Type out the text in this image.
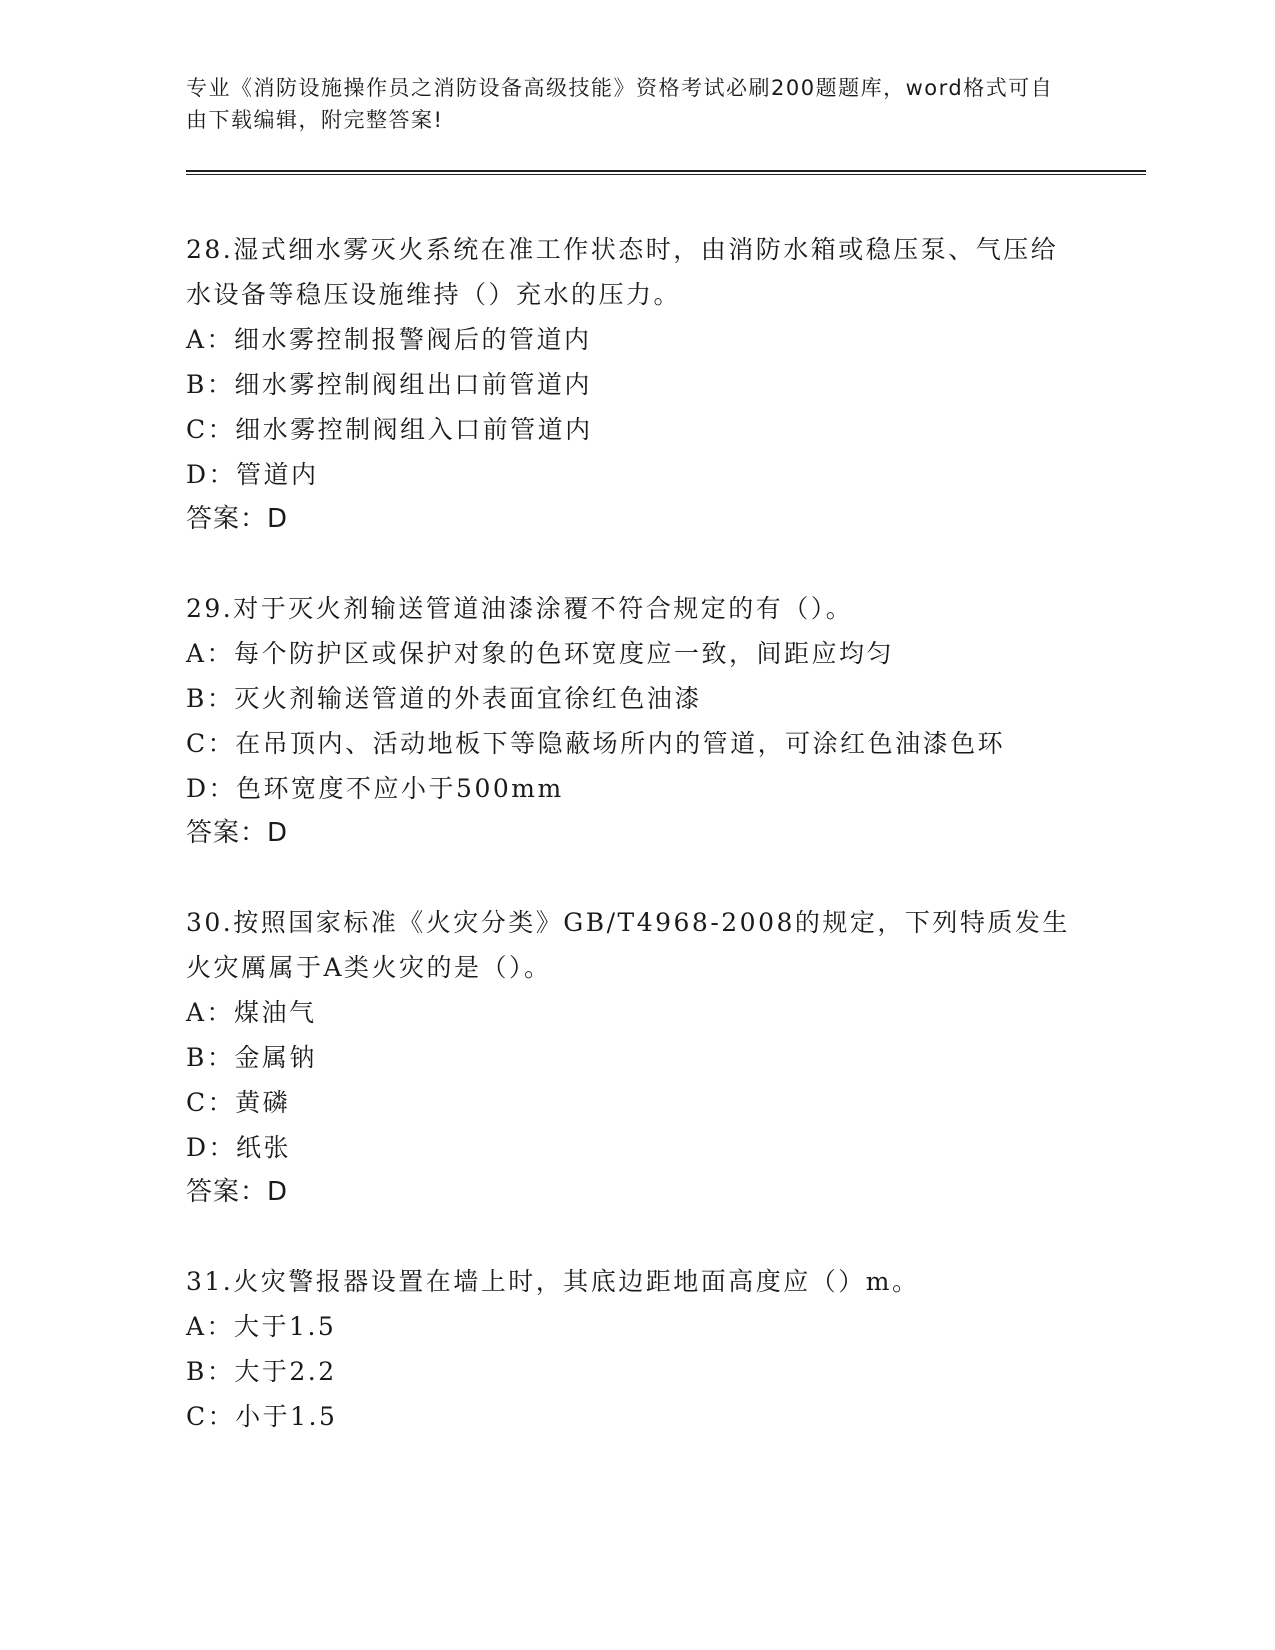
专业《消防设施操作员之消防设备高级技能》资格考试必刷200题题库，word格式可自由下载编辑，附完整答案!
28.湿式细水雾灭火系统在准工作状态时，由消防水箱或稳压泵、气压给水设备等稳压设施维持（）充水的压力。
A：细水雾控制报警阀后的管道内
B：细水雾控制阀组出口前管道内
C：细水雾控制阀组入口前管道内
D：管道内
答案：D
29.对于灭火剂输送管道油漆涂覆不符合规定的有（）。
A：每个防护区或保护对象的色环宽度应一致，间距应均匀
B：灭火剂输送管道的外表面宜徐红色油漆
C：在吊顶内、活动地板下等隐蔽场所内的管道，可涂红色油漆色环
D：色环宽度不应小于500mm
答案：D
30.按照国家标准《火灾分类》GB/T4968-2008的规定，下列特质发生火灾厲属于A类火灾的是（）。
A：煤油气
B：金属钠
C：黄磷
D：纸张
答案：D
31.火灾警报器设置在墙上时，其底边距地面高度应（）m。
A：大于1.5
B：大于2.2
C：小于1.5
